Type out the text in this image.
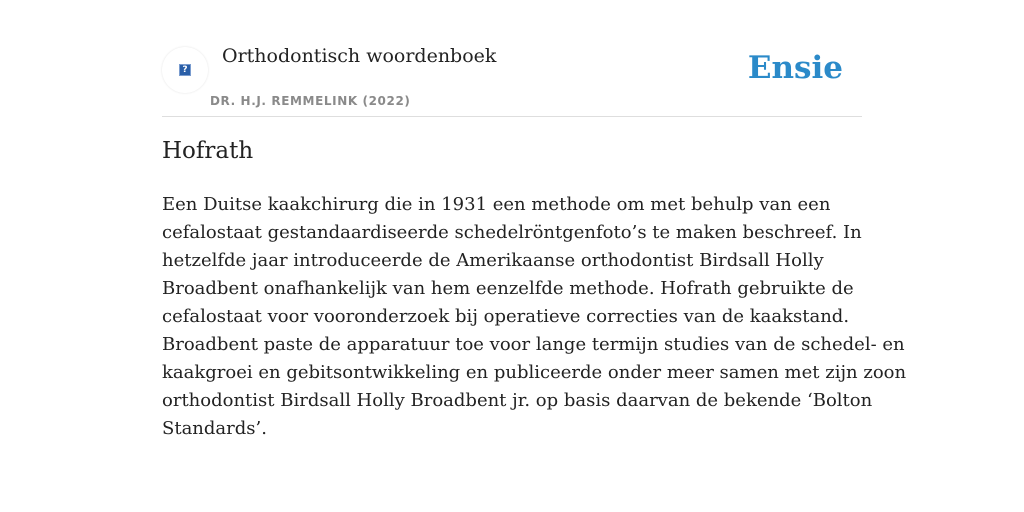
?
Orthodontisch woordenboek
DR. H.J. REMMELINK (2022)
Ensie
Hofrath

Een Duitse kaakchirurg die in 1931 een methode om met behulp van een
cefalostaat gestandaardiseerde schedelröntgenfoto’s te maken beschreef. In
hetzelfde jaar introduceerde de Amerikaanse orthodontist Birdsall Holly
Broadbent onafhankelijk van hem eenzelfde methode. Hofrath gebruikte de
cefalostaat voor vooronderzoek bij operatieve correcties van de kaakstand.
Broadbent paste de apparatuur toe voor lange termijn studies van de schedel- en
kaakgroei en gebitsontwikkeling en publiceerde onder meer samen met zijn zoon
orthodontist Birdsall Holly Broadbent jr. op basis daarvan de bekende ‘Bolton
Standards’.
